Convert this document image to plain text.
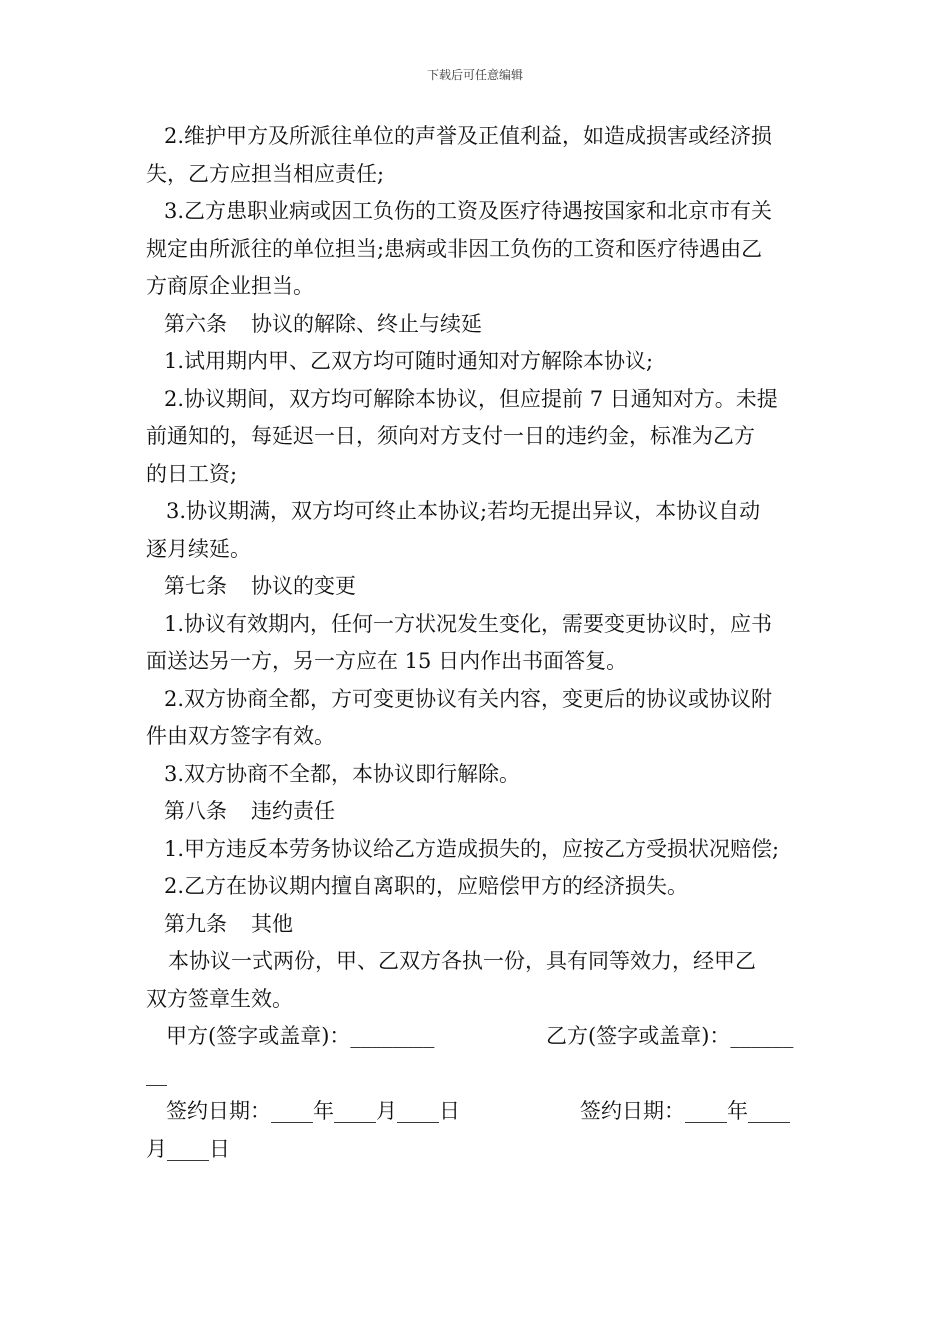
下载后可任意编辑
2.维护甲方及所派往单位的声誉及正值利益，如造成损害或经济损
失，乙方应担当相应责任;
3.乙方患职业病或因工负伤的工资及医疗待遇按国家和北京市有关
规定由所派往的单位担当;患病或非因工负伤的工资和医疗待遇由乙
方商原企业担当。
第六条 协议的解除、终止与续延
1.试用期内甲、乙双方均可随时通知对方解除本协议;
2.协议期间，双方均可解除本协议，但应提前 7 日通知对方。未提
前通知的，每延迟一日，须向对方支付一日的违约金，标准为乙方
的日工资;
3.协议期满，双方均可终止本协议;若均无提出异议，本协议自动
逐月续延。
第七条 协议的变更
1.协议有效期内，任何一方状况发生变化，需要变更协议时，应书
面送达另一方，另一方应在 15 日内作出书面答复。
2.双方协商全都，方可变更协议有关内容，变更后的协议或协议附
件由双方签字有效。
3.双方协商不全都，本协议即行解除。
第八条 违约责任
1.甲方违反本劳务协议给乙方造成损失的，应按乙方受损状况赔偿;
2.乙方在协议期内擅自离职的，应赔偿甲方的经济损失。
第九条 其他
本协议一式两份，甲、乙双方各执一份，具有同等效力，经甲乙
双方签章生效。
甲方(签字或盖章)：________	乙方(签字或盖章)：______
__
签约日期：____年____月____日	签约日期：____年____
月____日
